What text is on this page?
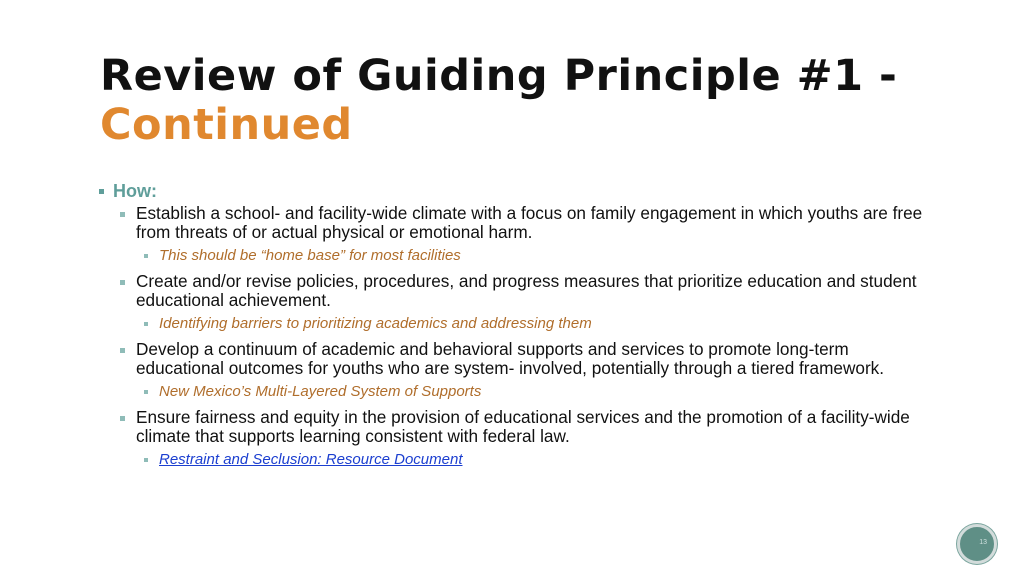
Review of Guiding Principle #1 - Continued
How:
Establish a school- and facility-wide climate with a focus on family engagement in which youths are free from threats of or actual physical or emotional harm.
This should be “home base” for most facilities
Create and/or revise policies, procedures, and progress measures that prioritize education and student educational achievement.
Identifying barriers to prioritizing academics and addressing them
Develop a continuum of academic and behavioral supports and services to promote long-term educational outcomes for youths who are system- involved, potentially through a tiered framework.
New Mexico’s Multi-Layered System of Supports
Ensure fairness and equity in the provision of educational services and the promotion of a facility-wide climate that supports learning consistent with federal law.
Restraint and Seclusion: Resource Document
13
